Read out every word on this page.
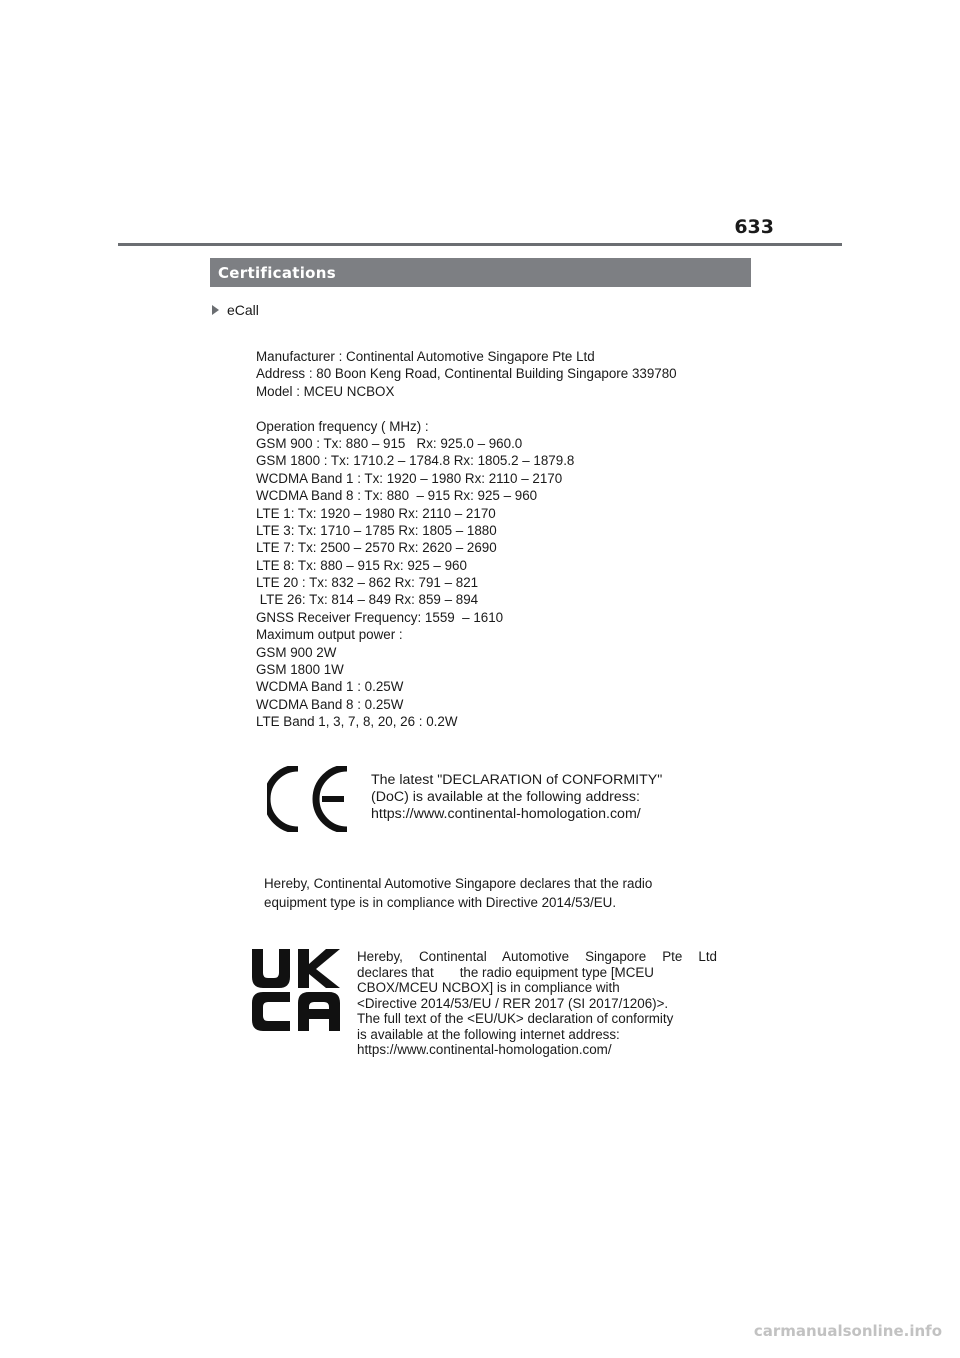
633
Certifications
eCall
Manufacturer : Continental Automotive Singapore Pte Ltd
Address : 80 Boon Keng Road, Continental Building Singapore 339780
Model : MCEU NCBOX
Operation frequency ( MHz) :
GSM 900 : Tx: 880 – 915   Rx: 925.0 – 960.0
GSM 1800 : Tx: 1710.2 – 1784.8 Rx: 1805.2 – 1879.8
WCDMA Band 1 : Tx: 1920 – 1980 Rx: 2110 – 2170
WCDMA Band 8 : Tx: 880  – 915 Rx: 925 – 960
LTE 1: Tx: 1920 – 1980 Rx: 2110 – 2170
LTE 3: Tx: 1710 – 1785 Rx: 1805 – 1880
LTE 7: Tx: 2500 – 2570 Rx: 2620 – 2690
LTE 8: Tx: 880 – 915 Rx: 925 – 960
LTE 20 : Tx: 832 – 862 Rx: 791 – 821
LTE 26: Tx: 814 – 849 Rx: 859 – 894
GNSS Receiver Frequency: 1559  – 1610
Maximum output power :
GSM 900 2W
GSM 1800 1W
WCDMA Band 1 : 0.25W
WCDMA Band 8 : 0.25W
LTE Band 1, 3, 7, 8, 20, 26 : 0.2W
The latest "DECLARATION of CONFORMITY"
(DoC) is available at the following address:
https://www.continental-homologation.com/
Hereby, Continental Automotive Singapore declares that the radio
equipment type is in compliance with Directive 2014/53/EU.
Hereby, Continental Automotive Singapore Pte Ltd
declares that       the radio equipment type [MCEU
CBOX/MCEU NCBOX] is in compliance with
<Directive 2014/53/EU / RER 2017 (SI 2017/1206)>.
The full text of the <EU/UK> declaration of conformity
is available at the following internet address:
https://www.continental-homologation.com/
carmanualsonline.info
